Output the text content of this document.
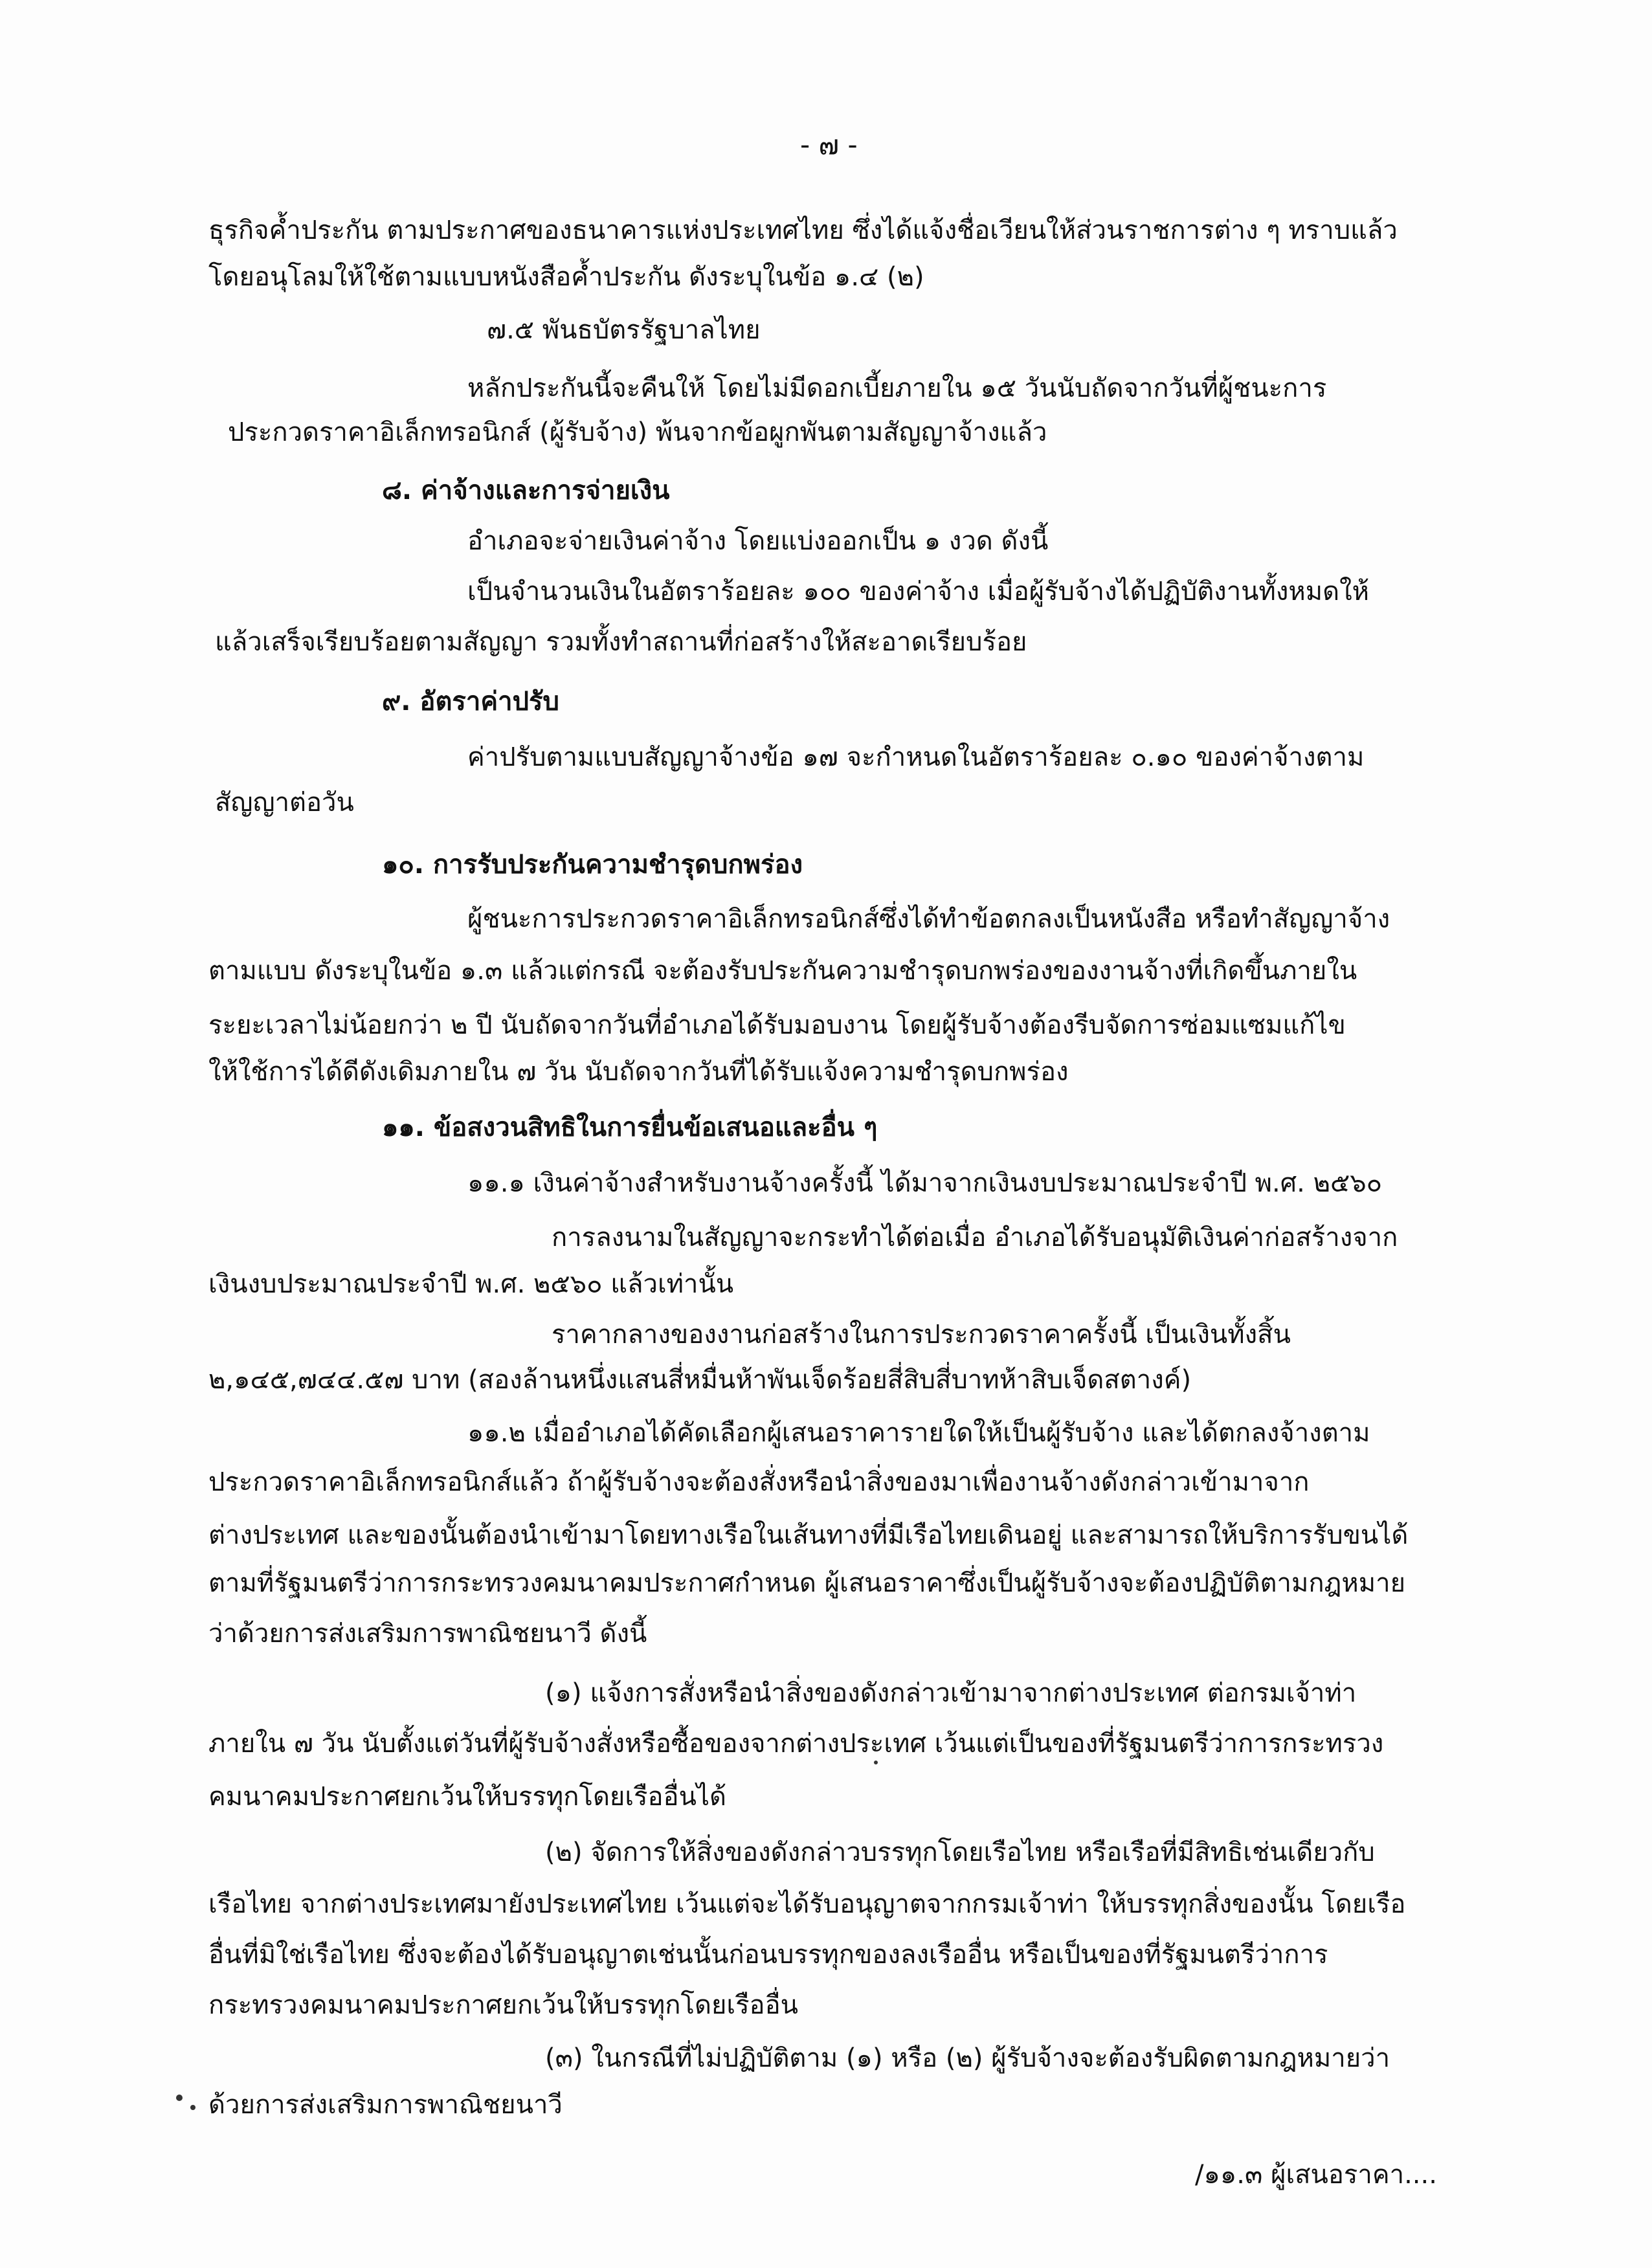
- ๗ -
ธุรกิจค้ำประกัน ตามประกาศของธนาคารแห่งประเทศไทย ซึ่งได้แจ้งชื่อเวียนให้ส่วนราชการต่าง ๆ ทราบแล้ว
โดยอนุโลมให้ใช้ตามแบบหนังสือค้ำประกัน ดังระบุในข้อ ๑.๔ (๒)
๗.๕ พันธบัตรรัฐบาลไทย
หลักประกันนี้จะคืนให้ โดยไม่มีดอกเบี้ยภายใน ๑๕ วันนับถัดจากวันที่ผู้ชนะการ
ประกวดราคาอิเล็กทรอนิกส์ (ผู้รับจ้าง) พ้นจากข้อผูกพันตามสัญญาจ้างแล้ว
๘. ค่าจ้างและการจ่ายเงิน
อำเภอจะจ่ายเงินค่าจ้าง โดยแบ่งออกเป็น ๑ งวด ดังนี้
เป็นจำนวนเงินในอัตราร้อยละ ๑๐๐ ของค่าจ้าง เมื่อผู้รับจ้างได้ปฏิบัติงานทั้งหมดให้
แล้วเสร็จเรียบร้อยตามสัญญา รวมทั้งทำสถานที่ก่อสร้างให้สะอาดเรียบร้อย
๙. อัตราค่าปรับ
ค่าปรับตามแบบสัญญาจ้างข้อ ๑๗ จะกำหนดในอัตราร้อยละ ๐.๑๐ ของค่าจ้างตาม
สัญญาต่อวัน
๑๐. การรับประกันความชำรุดบกพร่อง
ผู้ชนะการประกวดราคาอิเล็กทรอนิกส์ซึ่งได้ทำข้อตกลงเป็นหนังสือ หรือทำสัญญาจ้าง
ตามแบบ ดังระบุในข้อ ๑.๓ แล้วแต่กรณี จะต้องรับประกันความชำรุดบกพร่องของงานจ้างที่เกิดขึ้นภายใน
ระยะเวลาไม่น้อยกว่า ๒ ปี นับถัดจากวันที่อำเภอได้รับมอบงาน โดยผู้รับจ้างต้องรีบจัดการซ่อมแซมแก้ไข
ให้ใช้การได้ดีดังเดิมภายใน ๗ วัน นับถัดจากวันที่ได้รับแจ้งความชำรุดบกพร่อง
๑๑. ข้อสงวนสิทธิในการยื่นข้อเสนอและอื่น ๆ
๑๑.๑ เงินค่าจ้างสำหรับงานจ้างครั้งนี้ ได้มาจากเงินงบประมาณประจำปี พ.ศ. ๒๕๖๐
การลงนามในสัญญาจะกระทำได้ต่อเมื่อ อำเภอได้รับอนุมัติเงินค่าก่อสร้างจาก
เงินงบประมาณประจำปี พ.ศ. ๒๕๖๐ แล้วเท่านั้น
ราคากลางของงานก่อสร้างในการประกวดราคาครั้งนี้ เป็นเงินทั้งสิ้น
๒,๑๔๕,๗๔๔.๕๗ บาท (สองล้านหนึ่งแสนสี่หมื่นห้าพันเจ็ดร้อยสี่สิบสี่บาทห้าสิบเจ็ดสตางค์)
๑๑.๒ เมื่ออำเภอได้คัดเลือกผู้เสนอราคารายใดให้เป็นผู้รับจ้าง และได้ตกลงจ้างตาม
ประกวดราคาอิเล็กทรอนิกส์แล้ว ถ้าผู้รับจ้างจะต้องสั่งหรือนำสิ่งของมาเพื่องานจ้างดังกล่าวเข้ามาจาก
ต่างประเทศ และของนั้นต้องนำเข้ามาโดยทางเรือในเส้นทางที่มีเรือไทยเดินอยู่ และสามารถให้บริการรับขนได้
ตามที่รัฐมนตรีว่าการกระทรวงคมนาคมประกาศกำหนด ผู้เสนอราคาซึ่งเป็นผู้รับจ้างจะต้องปฏิบัติตามกฎหมาย
ว่าด้วยการส่งเสริมการพาณิชยนาวี ดังนี้
(๑) แจ้งการสั่งหรือนำสิ่งของดังกล่าวเข้ามาจากต่างประเทศ ต่อกรมเจ้าท่า
ภายใน ๗ วัน นับตั้งแต่วันที่ผู้รับจ้างสั่งหรือซื้อของจากต่างประเทศ เว้นแต่เป็นของที่รัฐมนตรีว่าการกระทรวง
คมนาคมประกาศยกเว้นให้บรรทุกโดยเรืออื่นได้
(๒) จัดการให้สิ่งของดังกล่าวบรรทุกโดยเรือไทย หรือเรือที่มีสิทธิเช่นเดียวกับ
เรือไทย จากต่างประเทศมายังประเทศไทย เว้นแต่จะได้รับอนุญาตจากกรมเจ้าท่า ให้บรรทุกสิ่งของนั้น โดยเรือ
อื่นที่มิใช่เรือไทย ซึ่งจะต้องได้รับอนุญาตเช่นนั้นก่อนบรรทุกของลงเรืออื่น หรือเป็นของที่รัฐมนตรีว่าการ
กระทรวงคมนาคมประกาศยกเว้นให้บรรทุกโดยเรืออื่น
(๓) ในกรณีที่ไม่ปฏิบัติตาม (๑) หรือ (๒) ผู้รับจ้างจะต้องรับผิดตามกฎหมายว่า
ด้วยการส่งเสริมการพาณิชยนาวี
/๑๑.๓ ผู้เสนอราคา....
